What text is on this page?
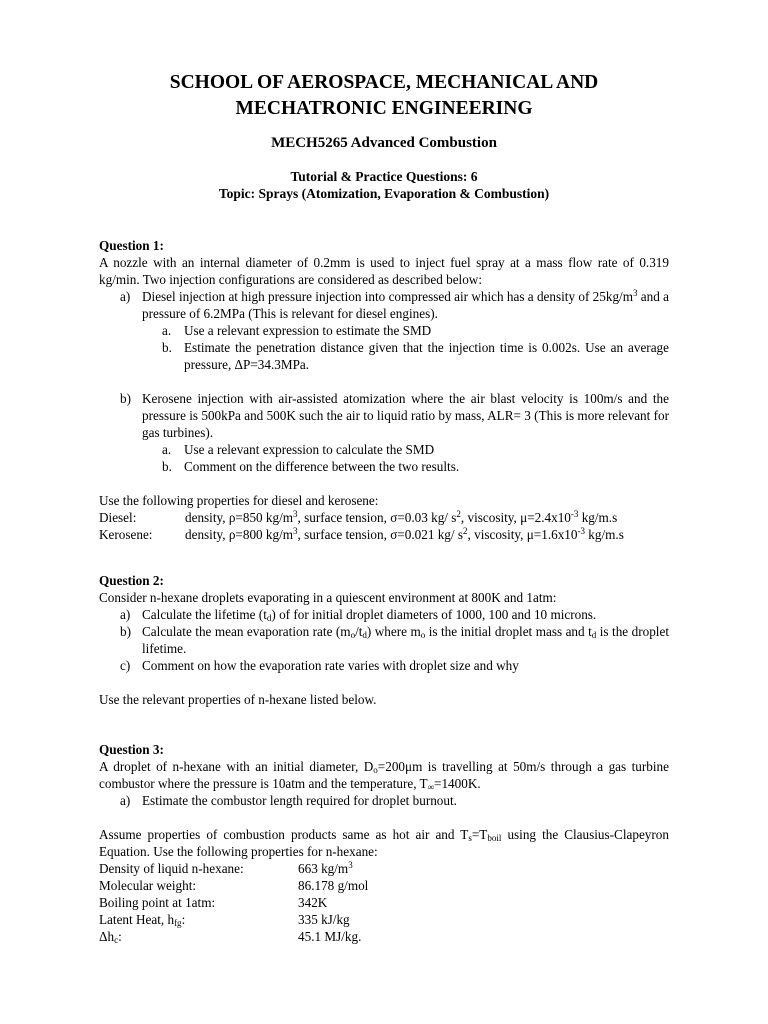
SCHOOL OF AEROSPACE, MECHANICAL AND
MECHATRONIC ENGINEERING
MECH5265 Advanced Combustion
Tutorial & Practice Questions: 6
Topic: Sprays (Atomization, Evaporation & Combustion)
Question 1:
A nozzle with an internal diameter of 0.2mm is used to inject fuel spray at a mass flow rate of 0.319 kg/min. Two injection configurations are considered as described below:
a) Diesel injection at high pressure injection into compressed air which has a density of $25kg/m^3$ and a pressure of 6.2MPa (This is relevant for diesel engines).
a. Use a relevant expression to estimate the SMD
b. Estimate the penetration distance given that the injection time is 0.002s. Use an average pressure, ΔP=34.3MPa.
b) Kerosene injection with air-assisted atomization where the air blast velocity is 100m/s and the pressure is 500kPa and 500K such the air to liquid ratio by mass, ALR= 3 (This is more relevant for gas turbines).
a. Use a relevant expression to calculate the SMD
b. Comment on the difference between the two results.
Use the following properties for diesel and kerosene:
Diesel:	density, ρ=850 $kg/m^3$, surface tension, σ=0.03 kg/ $s^2$, viscosity, $\mu=2.4x10^{-3}$ kg/m.s
Kerosene:	density, ρ=800 $kg/m^3$, surface tension, σ=0.021 kg/ $s^2$, viscosity, $\mu=1.6x10^{-3}$ kg/m.s
Question 2:
Consider n-hexane droplets evaporating in a quiescent environment at 800K and 1atm:
a) Calculate the lifetime $(t_d)$ of for initial droplet diameters of 1000, 100 and 10 microns.
b) Calculate the mean evaporation rate $(m_o/t_d)$ where $m_o$ is the initial droplet mass and $t_d$ is the droplet lifetime.
c) Comment on how the evaporation rate varies with droplet size and why
Use the relevant properties of n-hexane listed below.
Question 3:
A droplet of n-hexane with an initial diameter, $D_o=200\mu m$ is travelling at 50m/s through a gas turbine combustor where the pressure is 10atm and the temperature, $T_\infty=1400K$.
a) Estimate the combustor length required for droplet burnout.
Assume properties of combustion products same as hot air and $T_s=T_{boil}$ using the Clausius-Clapeyron Equation. Use the following properties for n-hexane:
Density of liquid n-hexane:	663 $kg/m^3$
Molecular weight:	86.178 g/mol
Boiling point at 1atm:	342K
Latent Heat, $h_{fg}$:	335 kJ/kg
$\Delta h_c$:	45.1 MJ/kg.
